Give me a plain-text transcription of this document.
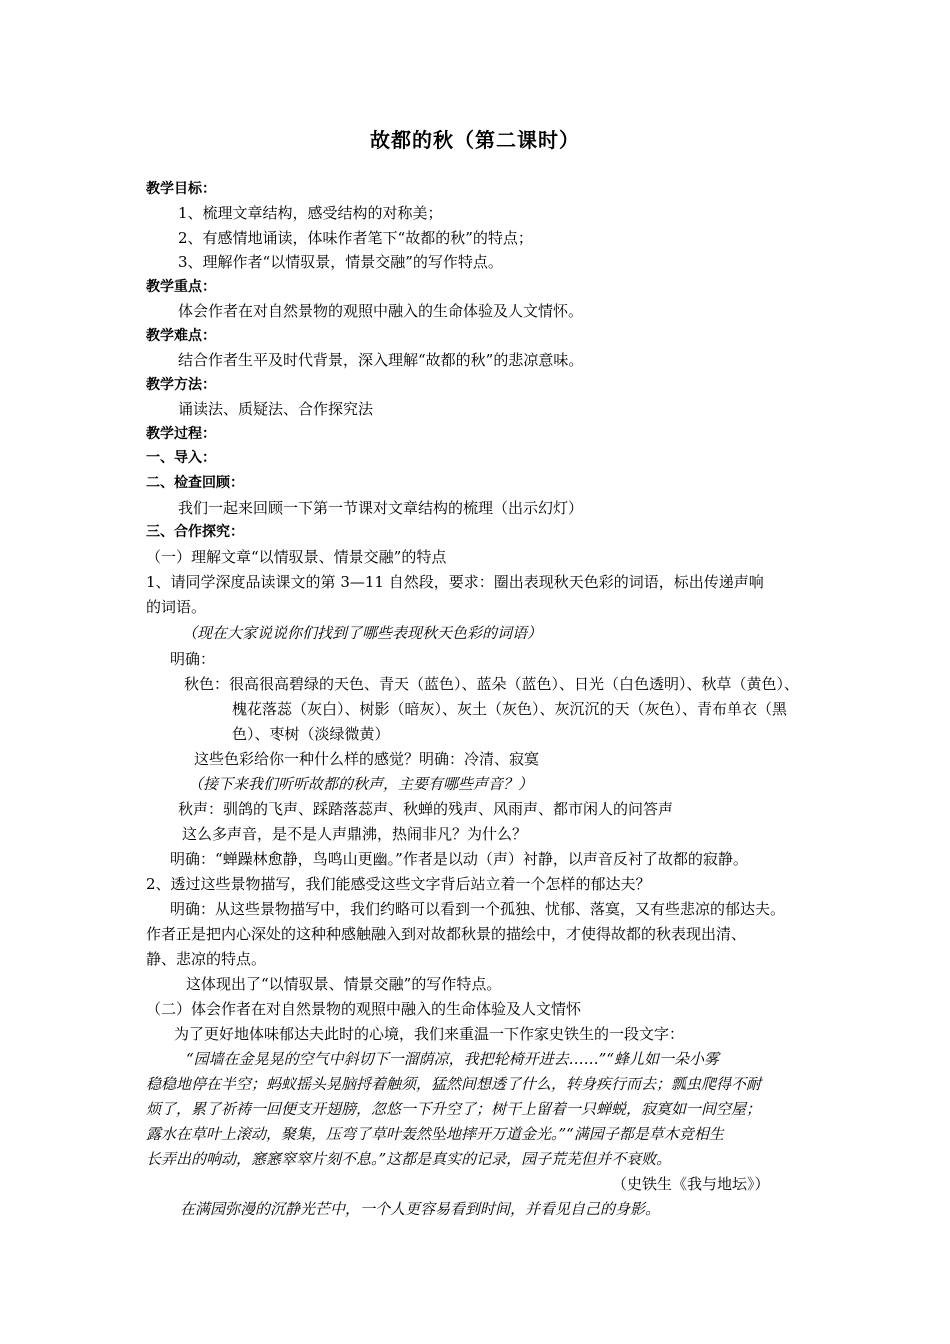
故都的秋（第二课时）
教学目标：
1、梳理文章结构，感受结构的对称美；
2、有感情地诵读，体味作者笔下“故都的秋”的特点；
3、理解作者“以情驭景，情景交融”的写作特点。
教学重点：
体会作者在对自然景物的观照中融入的生命体验及人文情怀。
教学难点：
结合作者生平及时代背景，深入理解“故都的秋”的悲凉意味。
教学方法：
诵读法、质疑法、合作探究法
教学过程：
一、导入：
二、检查回顾：
我们一起来回顾一下第一节课对文章结构的梳理（出示幻灯）
三、合作探究：
（一）理解文章“以情驭景、情景交融”的特点
1、请同学深度品读课文的第 3—11 自然段，要求：圈出表现秋天色彩的词语，标出传递声响
的词语。
（现在大家说说你们找到了哪些表现秋天色彩的词语）
明确：
秋色：很高很高碧绿的天色、青天（蓝色）、蓝朵（蓝色）、日光（白色透明）、秋草（黄色）、
槐花落蕊（灰白）、树影（暗灰）、灰土（灰色）、灰沉沉的天（灰色）、青布单衣（黑
色）、枣树（淡绿微黄）
这些色彩给你一种什么样的感觉？明确：冷清、寂寞
（接下来我们听听故都的秋声，主要有哪些声音？）
秋声：驯鸽的飞声、踩踏落蕊声、秋蝉的残声、风雨声、都市闲人的问答声
这么多声音，是不是人声鼎沸，热闹非凡？为什么？
明确：“蝉躁林愈静，鸟鸣山更幽。”作者是以动（声）衬静，以声音反衬了故都的寂静。
2、透过这些景物描写，我们能感受这些文字背后站立着一个怎样的郁达夫？
明确：从这些景物描写中，我们约略可以看到一个孤独、忧郁、落寞，又有些悲凉的郁达夫。
作者正是把内心深处的这种种感触融入到对故都秋景的描绘中，才使得故都的秋表现出清、
静、悲凉的特点。
这体现出了“以情驭景、情景交融”的写作特点。
（二）体会作者在对自然景物的观照中融入的生命体验及人文情怀
为了更好地体味郁达夫此时的心境，我们来重温一下作家史铁生的一段文字：
“园墙在金晃晃的空气中斜切下一溜荫凉，我把轮椅开进去……”“蜂儿如一朵小雾
稳稳地停在半空；蚂蚁摇头晃脑捋着触须，猛然间想透了什么，转身疾行而去；瓢虫爬得不耐
烦了，累了祈祷一回便支开翅膀，忽悠一下升空了；树干上留着一只蝉蜕，寂寞如一间空屋；
露水在草叶上滚动，聚集，压弯了草叶轰然坠地摔开万道金光。”“满园子都是草木竞相生
长弄出的响动，窸窸窣窣片刻不息。”这都是真实的记录，园子荒芜但并不衰败。
（史铁生《我与地坛》）
在满园弥漫的沉静光芒中，一个人更容易看到时间，并看见自己的身影。
